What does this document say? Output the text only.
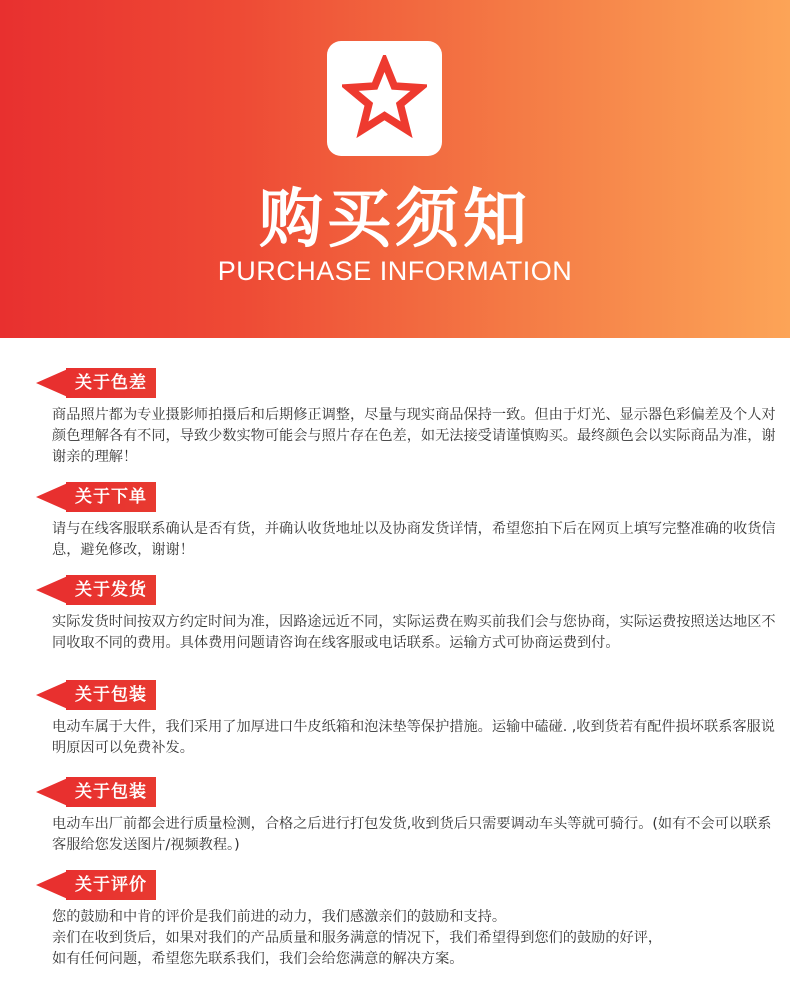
购买须知
PURCHASE INFORMATION
关于色差
商品照片都为专业摄影师拍摄后和后期修正调整，尽量与现实商品保持一致。但由于灯光、显示器色彩偏差及个人对颜色理解各有不同，导致少数实物可能会与照片存在色差，如无法接受请谨慎购买。最终颜色会以实际商品为准，谢谢亲的理解！
关于下单
请与在线客服联系确认是否有货，并确认收货地址以及协商发货详情，希望您拍下后在网页上填写完整准确的收货信息，避免修改，谢谢！
关于发货
实际发货时间按双方约定时间为准，因路途远近不同，实际运费在购买前我们会与您协商，实际运费按照送达地区不同收取不同的费用。具体费用问题请咨询在线客服或电话联系。运输方式可协商运费到付。
关于包装
电动车属于大件，我们采用了加厚进口牛皮纸箱和泡沫垫等保护措施。运输中磕碰. ,收到货若有配件损坏联系客服说明原因可以免费补发。
关于包装
电动车出厂前都会进行质量检测，合格之后进行打包发货,收到货后只需要调动车头等就可骑行。(如有不会可以联系客服给您发送图片/视频教程。)
关于评价
您的鼓励和中肯的评价是我们前进的动力，我们感激亲们的鼓励和支持。
亲们在收到货后，如果对我们的产品质量和服务满意的情况下，我们希望得到您们的鼓励的好评，
如有任何问题，希望您先联系我们，我们会给您满意的解决方案。
